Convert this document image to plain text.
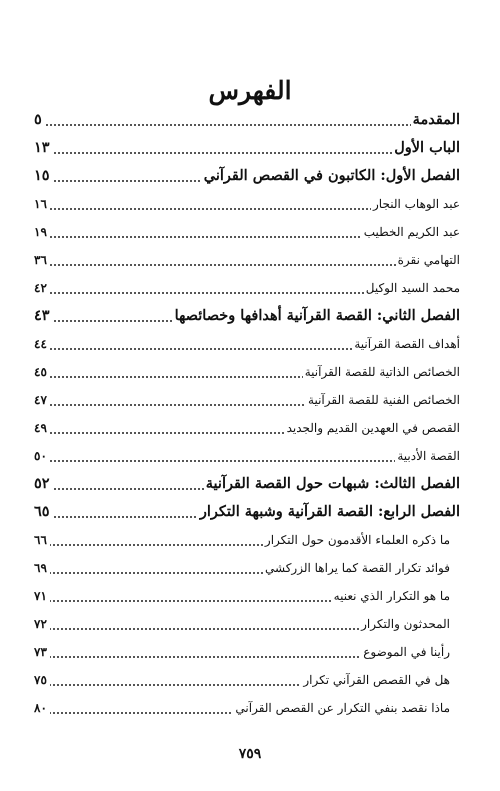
الفهرس
المقدمة
٥
الباب الأول
١٣
الفصل الأول: الكاتبون في القصص القرآني
١٥
عبد الوهاب النجار
١٦
عبد الكريم الخطيب
١٩
التهامي نقرة
٣٦
محمد السيد الوكيل
٤٢
الفصل الثاني: القصة القرآنية أهدافها وخصائصها
٤٣
أهداف القصة القرآنية
٤٤
الخصائص الذاتية للقصة القرآنية
٤٥
الخصائص الفنية للقصة القرآنية
٤٧
القصص في العهدين القديم والجديد
٤٩
القصة الأدبية
٥٠
الفصل الثالث: شبهات حول القصة القرآنية
٥٢
الفصل الرابع: القصة القرآنية وشبهة التكرار
٦٥
ما ذكره العلماء الأقدمون حول التكرار
٦٦
فوائد تكرار القصة كما يراها الزركشي
٦٩
ما هو التكرار الذي نعنيه
٧١
المحدثون والتكرار
٧٢
رأينا في الموضوع
٧٣
هل في القصص القرآني تكرار
٧٥
ماذا نقصد بنفي التكرار عن القصص القرآني
٨٠
٧٥٩
